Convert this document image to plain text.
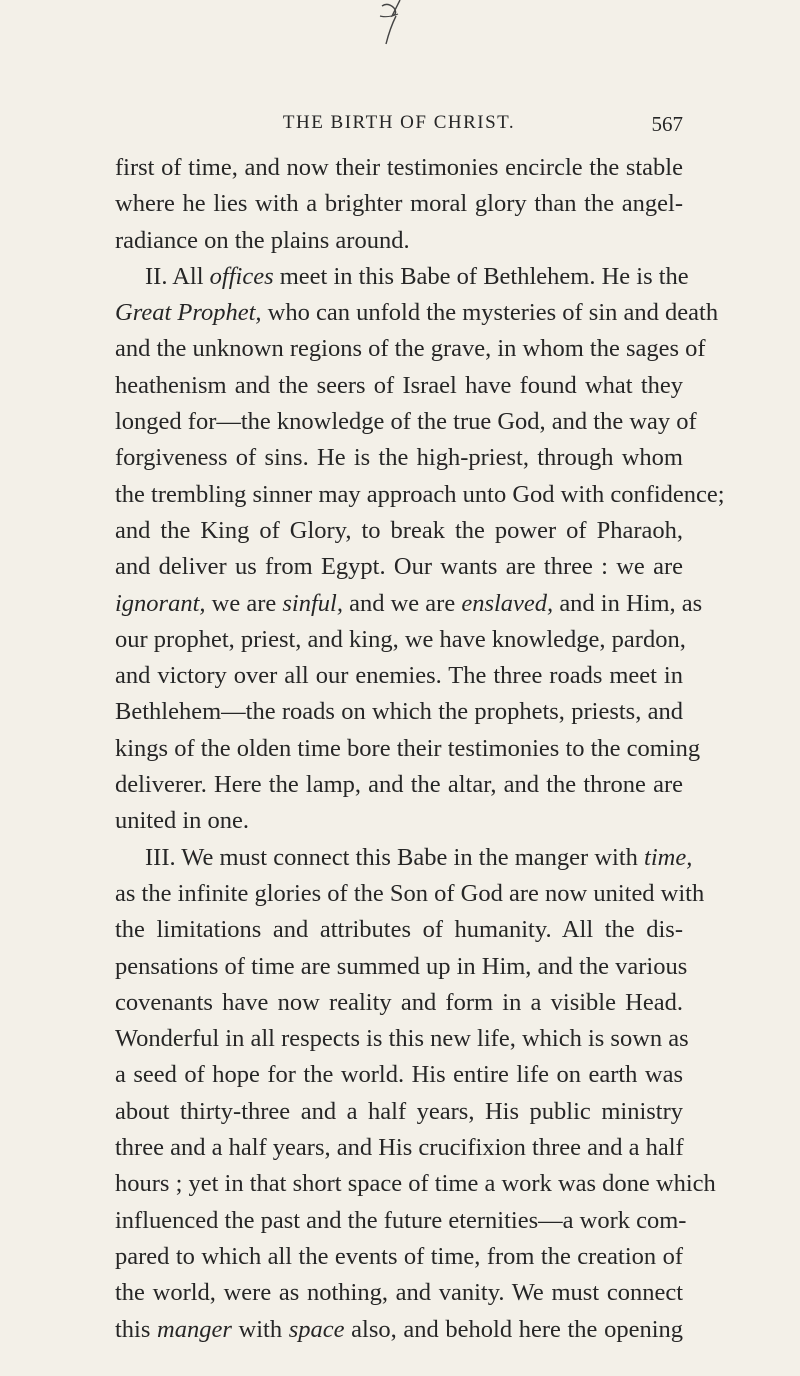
THE BIRTH OF CHRIST.	567
first of time, and now their testimonies encircle the stable
where he lies with a brighter moral glory than the angel-
radiance on the plains around.
II. All offices meet in this Babe of Bethlehem. He is the
Great Prophet, who can unfold the mysteries of sin and death
and the unknown regions of the grave, in whom the sages of
heathenism and the seers of Israel have found what they
longed for—the knowledge of the true God, and the way of
forgiveness of sins. He is the high-priest, through whom
the trembling sinner may approach unto God with confidence;
and the King of Glory, to break the power of Pharaoh,
and deliver us from Egypt. Our wants are three : we are
ignorant, we are sinful, and we are enslaved, and in Him, as
our prophet, priest, and king, we have knowledge, pardon,
and victory over all our enemies. The three roads meet in
Bethlehem—the roads on which the prophets, priests, and
kings of the olden time bore their testimonies to the coming
deliverer. Here the lamp, and the altar, and the throne are
united in one.
III. We must connect this Babe in the manger with time,
as the infinite glories of the Son of God are now united with
the limitations and attributes of humanity. All the dis-
pensations of time are summed up in Him, and the various
covenants have now reality and form in a visible Head.
Wonderful in all respects is this new life, which is sown as
a seed of hope for the world. His entire life on earth was
about thirty-three and a half years, His public ministry
three and a half years, and His crucifixion three and a half
hours ; yet in that short space of time a work was done which
influenced the past and the future eternities—a work com-
pared to which all the events of time, from the creation of
the world, were as nothing, and vanity. We must connect
this manger with space also, and behold here the opening
